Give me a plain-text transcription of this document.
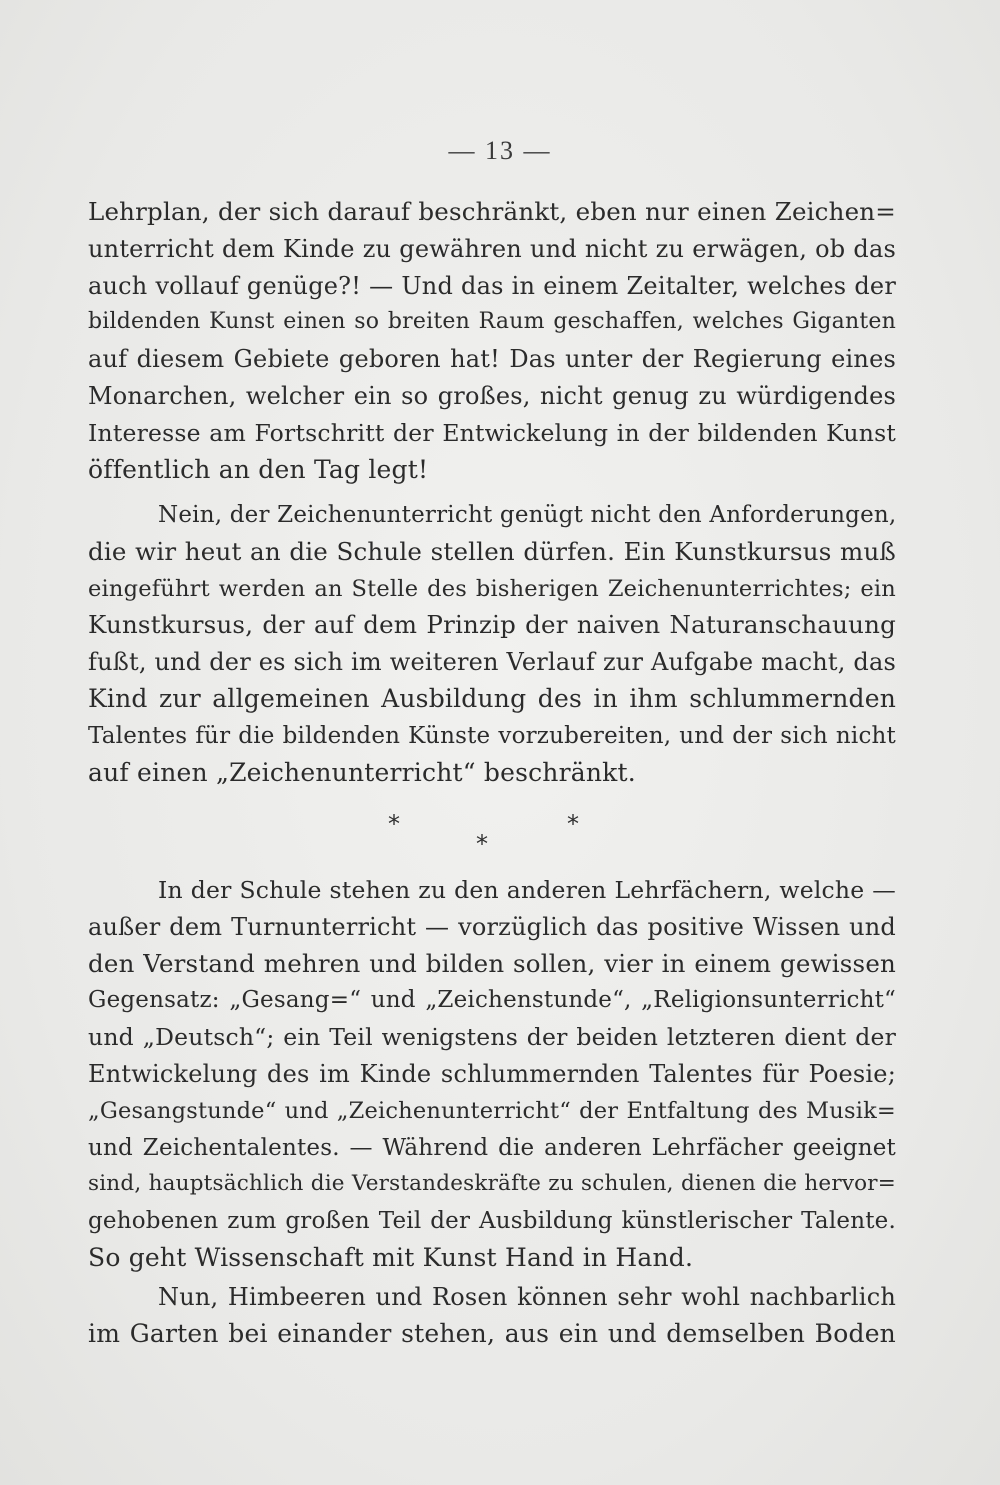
— 13 —
Lehrplan, der sich darauf beschränkt, eben nur einen Zeichen=
unterricht dem Kinde zu gewähren und nicht zu erwägen, ob das
auch vollauf genüge?! — Und das in einem Zeitalter, welches der
bildenden Kunst einen so breiten Raum geschaffen, welches Giganten
auf diesem Gebiete geboren hat! Das unter der Regierung eines
Monarchen, welcher ein so großes, nicht genug zu würdigendes
Interesse am Fortschritt der Entwickelung in der bildenden Kunst
öffentlich an den Tag legt!
Nein, der Zeichenunterricht genügt nicht den Anforderungen,
die wir heut an die Schule stellen dürfen. Ein Kunstkursus muß
eingeführt werden an Stelle des bisherigen Zeichenunterrichtes; ein
Kunstkursus, der auf dem Prinzip der naiven Naturanschauung
fußt, und der es sich im weiteren Verlauf zur Aufgabe macht, das
Kind zur allgemeinen Ausbildung des in ihm schlummernden
Talentes für die bildenden Künste vorzubereiten, und der sich nicht
auf einen „Zeichenunterricht“ beschränkt.
*
*
*
In der Schule stehen zu den anderen Lehrfächern, welche —
außer dem Turnunterricht — vorzüglich das positive Wissen und
den Verstand mehren und bilden sollen, vier in einem gewissen
Gegensatz: „Gesang=“ und „Zeichenstunde“, „Religionsunterricht“
und „Deutsch“; ein Teil wenigstens der beiden letzteren dient der
Entwickelung des im Kinde schlummernden Talentes für Poesie;
„Gesangstunde“ und „Zeichenunterricht“ der Entfaltung des Musik=
und Zeichentalentes. — Während die anderen Lehrfächer geeignet
sind, hauptsächlich die Verstandeskräfte zu schulen, dienen die hervor=
gehobenen zum großen Teil der Ausbildung künstlerischer Talente.
So geht Wissenschaft mit Kunst Hand in Hand.
Nun, Himbeeren und Rosen können sehr wohl nachbarlich
im Garten bei einander stehen, aus ein und demselben Boden
